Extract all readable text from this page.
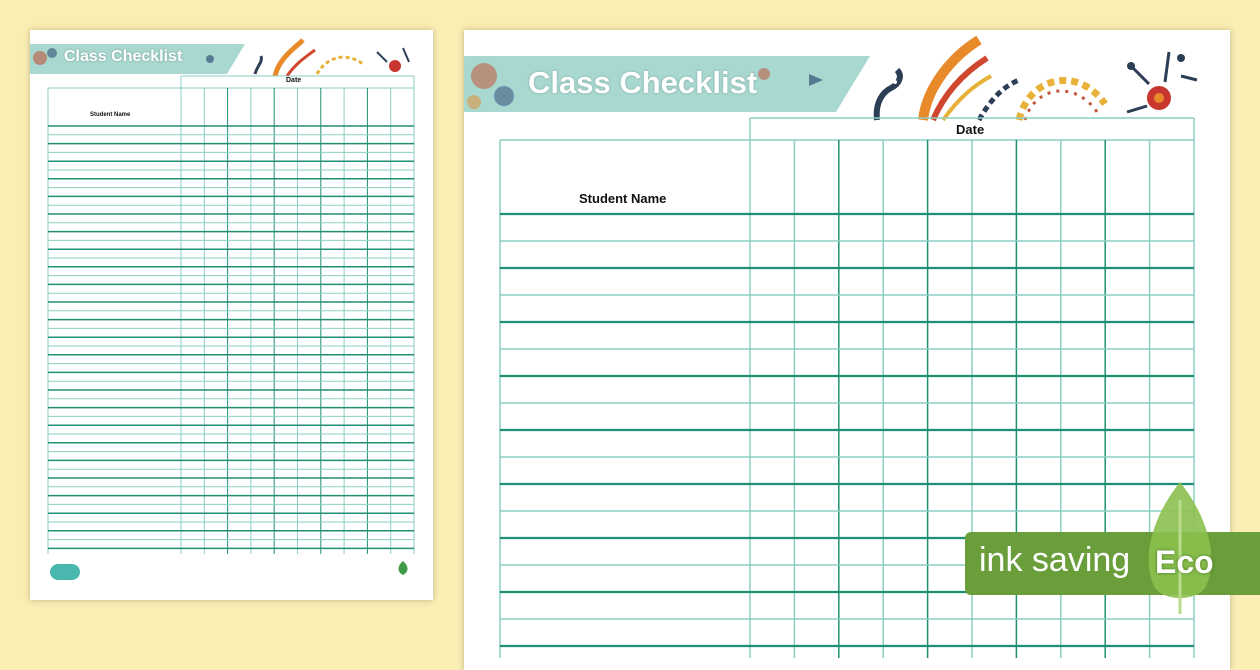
Class Checklist
Date
Student Name
Class Checklist
Date
Student Name
ink saving Eco
